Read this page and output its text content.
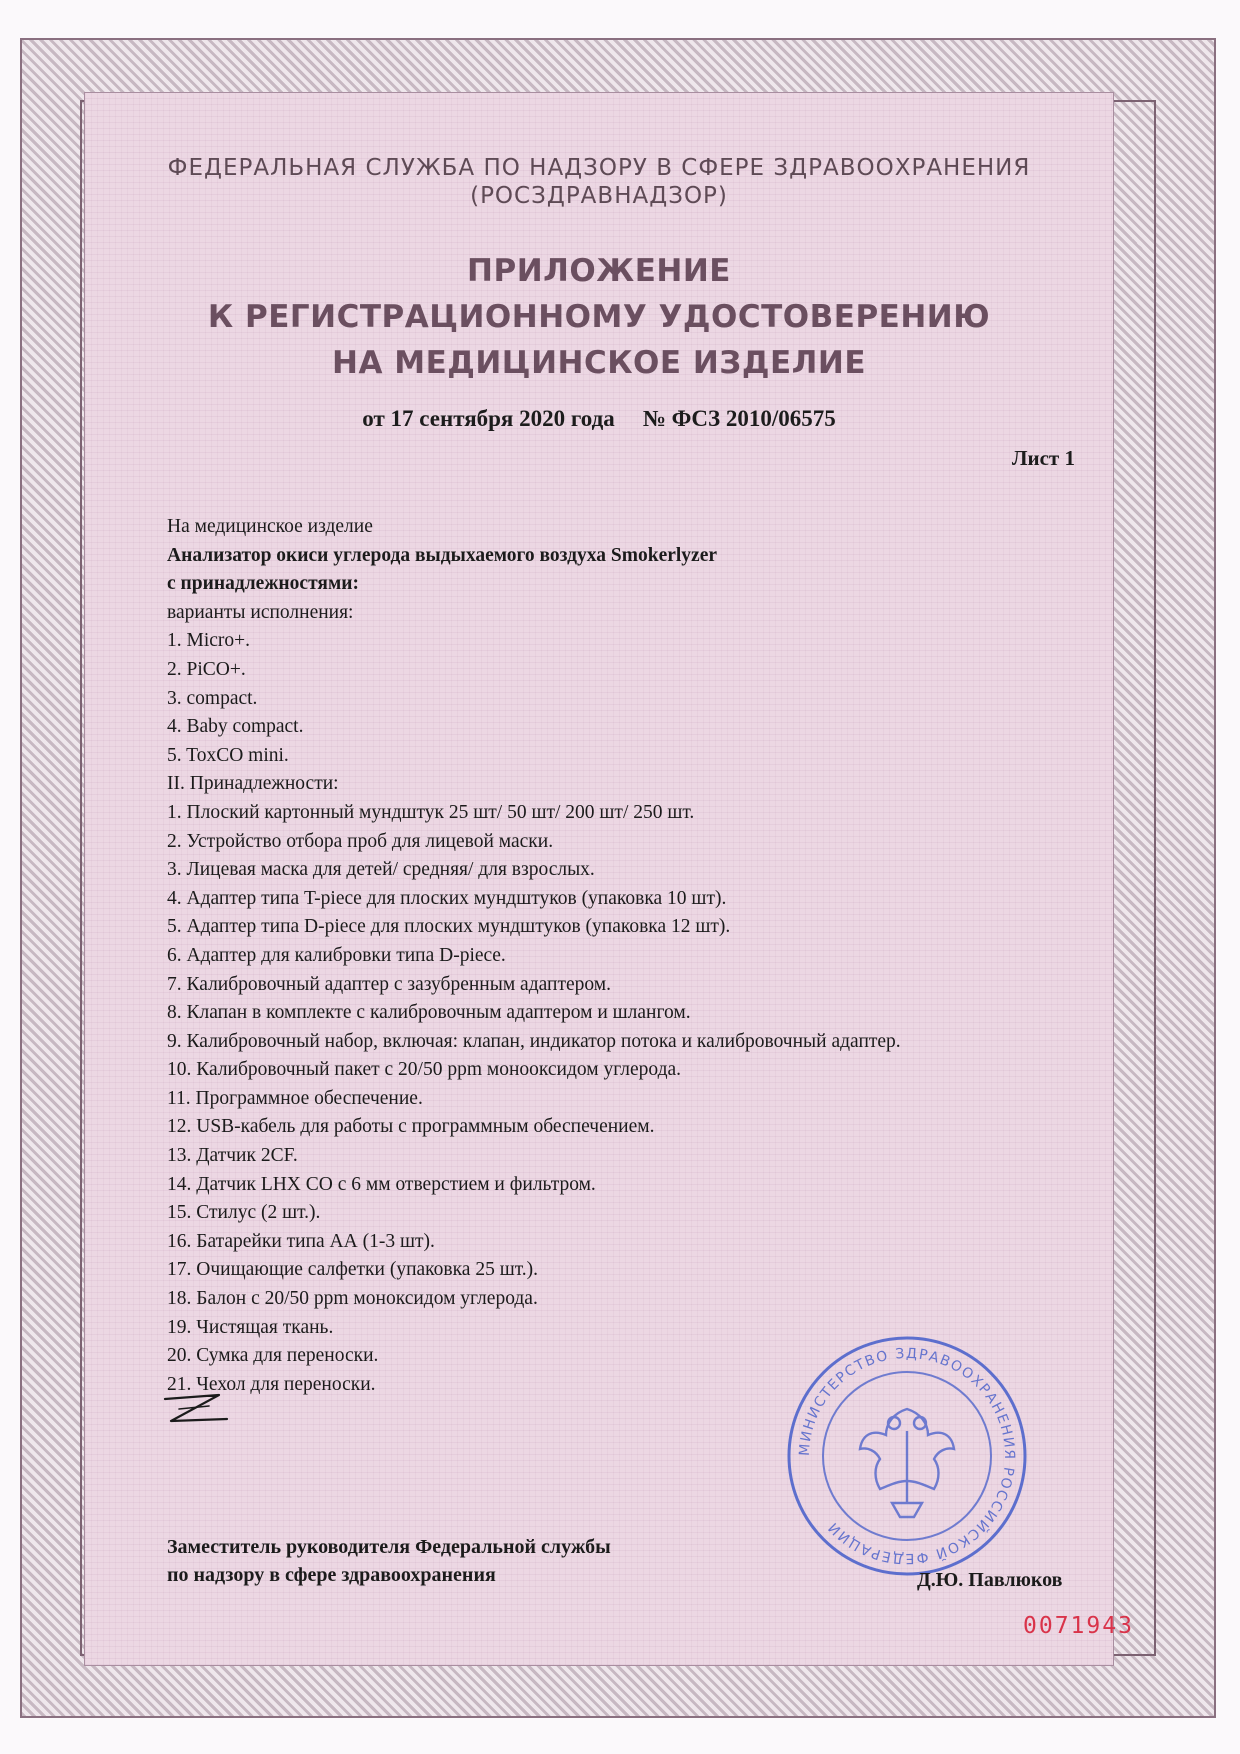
ФЕДЕРАЛЬНАЯ СЛУЖБА ПО НАДЗОРУ В СФЕРЕ ЗДРАВООХРАНЕНИЯ
(РОСЗДРАВНАДЗОР)
ПРИЛОЖЕНИЕ
К РЕГИСТРАЦИОННОМУ УДОСТОВЕРЕНИЮ
НА МЕДИЦИНСКОЕ ИЗДЕЛИЕ
от 17 сентября 2020 года № ФСЗ 2010/06575
Лист 1
На медицинское изделие
Анализатор окиси углерода выдыхаемого воздуха Smokerlyzer
с принадлежностями:
варианты исполнения:
1. Micro+.
2. PiCO+.
3. compact.
4. Baby compact.
5. ToxCO mini.
II. Принадлежности:
1. Плоский картонный мундштук 25 шт/ 50 шт/ 200 шт/ 250 шт.
2. Устройство отбора проб для лицевой маски.
3. Лицевая маска для детей/ средняя/ для взрослых.
4. Адаптер типа T-piece для плоских мундштуков (упаковка 10 шт).
5. Адаптер типа D-piece для плоских мундштуков (упаковка 12 шт).
6. Адаптер для калибровки типа D-piece.
7. Калибровочный адаптер с зазубренным адаптером.
8. Клапан в комплекте с калибровочным адаптером и шлангом.
9. Калибровочный набор, включая: клапан, индикатор потока и калибровочный адаптер.
10. Калибровочный пакет с 20/50 ppm монооксидом углерода.
11. Программное обеспечение.
12. USB-кабель для работы с программным обеспечением.
13. Датчик 2CF.
14. Датчик LHX CO с 6 мм отверстием и фильтром.
15. Стилус (2 шт.).
16. Батарейки типа АА (1-3 шт).
17. Очищающие салфетки (упаковка 25 шт.).
18. Балон с 20/50 ppm моноксидом углерода.
19. Чистящая ткань.
20. Сумка для переноски.
21. Чехол для переноски.
Заместитель руководителя Федеральной службы
по надзору в сфере здравоохранения
МИНИСТЕРСТВО ЗДРАВООХРАНЕНИЯ РОССИЙСКОЙ ФЕДЕРАЦИИ
Д.Ю. Павлюков
0071943
